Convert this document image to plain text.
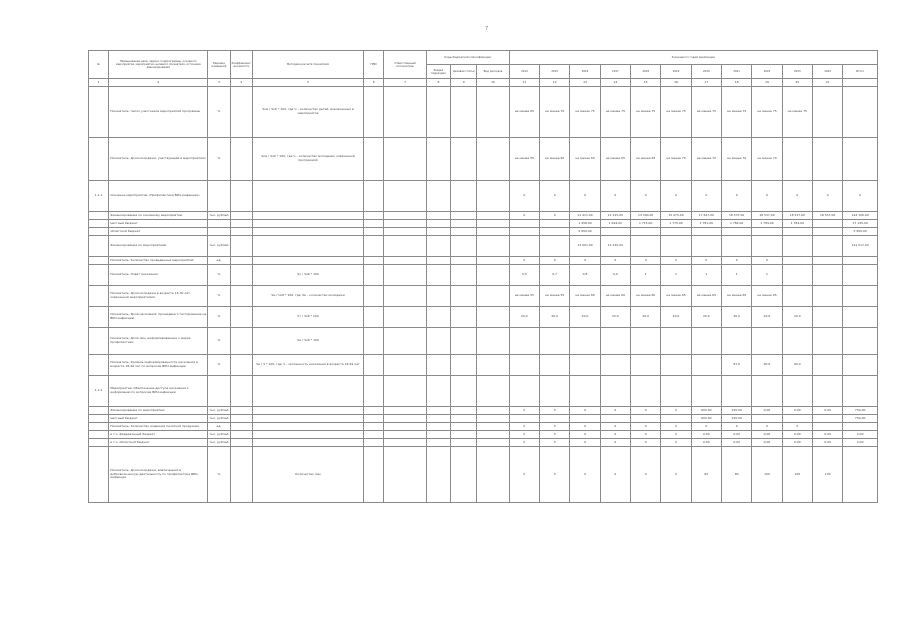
7
№	Наименование цели, задачи, подпрограммы, основного мероприятия, мероприятия, целевого показателя, источника финансирования	Единица измерения	Коэффициент значимости	Методика расчета показателя	ГРБС	Ответственный исполнитель	Коды бюджетной классификации			Значения по годам реализации											
							Раздел подраздел	Целевая статья	Вид расходов	2014	2015	2016	2017	2018	2019	2020	2021	2022	2023	2024	Итого
1	2	3	4	5	6	7	8	9	10	11	12	13	14	15	16	17	18	19	20	21	
	Показатель: Число участников мероприятий программы	%		Чкм / Чоб * 100, где Ч – количество детей, вовлеченных в мероприятия						не менее 65	не менее 70	не менее 75	не менее 75	не менее 75	не менее 75	не менее 75	не менее 75	не менее 75	не менее 75		
	Показатель: Доля молодежи, участвующей в мероприятиях	%		Чкм / Чоб * 100, где Ч – количество молодежи, охваченной программой						не менее 55	не менее 60	не менее 60	не менее 65	не менее 65	не менее 70	не менее 70	не менее 70	не менее 70			
1.1.1	Основное мероприятие «Профилактика ВИЧ-инфекции»									0	0	0	0	0	0	0	0	0	0	0	0
	Финансирование по основному мероприятию	тыс. рублей								0	0	11 411,00	12 125,00	14 300,00	15 475,00	17 647,00	18 537,00	18 537,00	18 537,00	18 537,00	144 106,00
	местный бюджет											1 458,00	1 694,00	1 715,00	1 775,00	1 781,00	1 784,00	1 784,00	1 784,00		17 145,00
	областной бюджет											5 950,00									5 950,00
	Финансирование по мероприятиям	тыс. рублей										13 001,00	12 125,00								121 017,00
	Показатель: Количество проведенных мероприятий	ед.								0	0	0	0	0	0	0	0	0			
	Показатель: Охват населения	%		Чо / Чоб * 100						0,5	0,7	0,8	0,9	1	1	1	1	1			
	Показатель: Доля молодежи в возрасте 14-30 лет, охваченной мероприятиями	%		Чм / Чоб * 100, где Чм – количество молодежи						не менее 55	не менее 55	не менее 60	не менее 60	не менее 60	не менее 65	не менее 65	не менее 65	не менее 65			
	Показатель: Доля населения, прошедшего тестирование на ВИЧ-инфекцию	%		Чт / Чоб * 100						20,0	20,0	20,0	20,0	20,0	20,0	20,0	20,0	20,0	20,0		
	Показатель: Доля лиц, информированных о мерах профилактики	%		Чи / Чоб * 100																	
	Показатель: Уровень информированности населения в возрасте 18-49 лет по вопросам ВИЧ-инфекции	%		Чи / Ч * 100, где Ч – численность населения в возрасте 18-49 лет													87,0	90,0	90,0		
1.1.2	Мероприятие: Обеспечение доступа населения к информации по вопросам ВИЧ-инфекции																				
	Финансирование по мероприятию	тыс. рублей								0	0	0	0	0	0	600,00	150,00	0,00	0,00	0,00	750,00
	местный бюджет	тыс. рублей														600,00	150,00				750,00
	Показатель: Количество изданной печатной продукции	ед.								0	0	0	0	0	0	0	0	0	0		
	в т.ч. федеральный бюджет	тыс. рублей								0	0	0	0	0	0	0,00	0,00	0,00	0,00	0,00	0,00
	в т.ч. областной бюджет	тыс. рублей								0	0	0	0	0	0	0,00	0,00	0,00	0,00	0,00	0,00
	Показатель: Доля молодежи, вовлеченной в добровольческую деятельность по профилактике ВИЧ-инфекции	%		Количество лиц						0	0	0	0	0	0	60	80	100	100	100	
